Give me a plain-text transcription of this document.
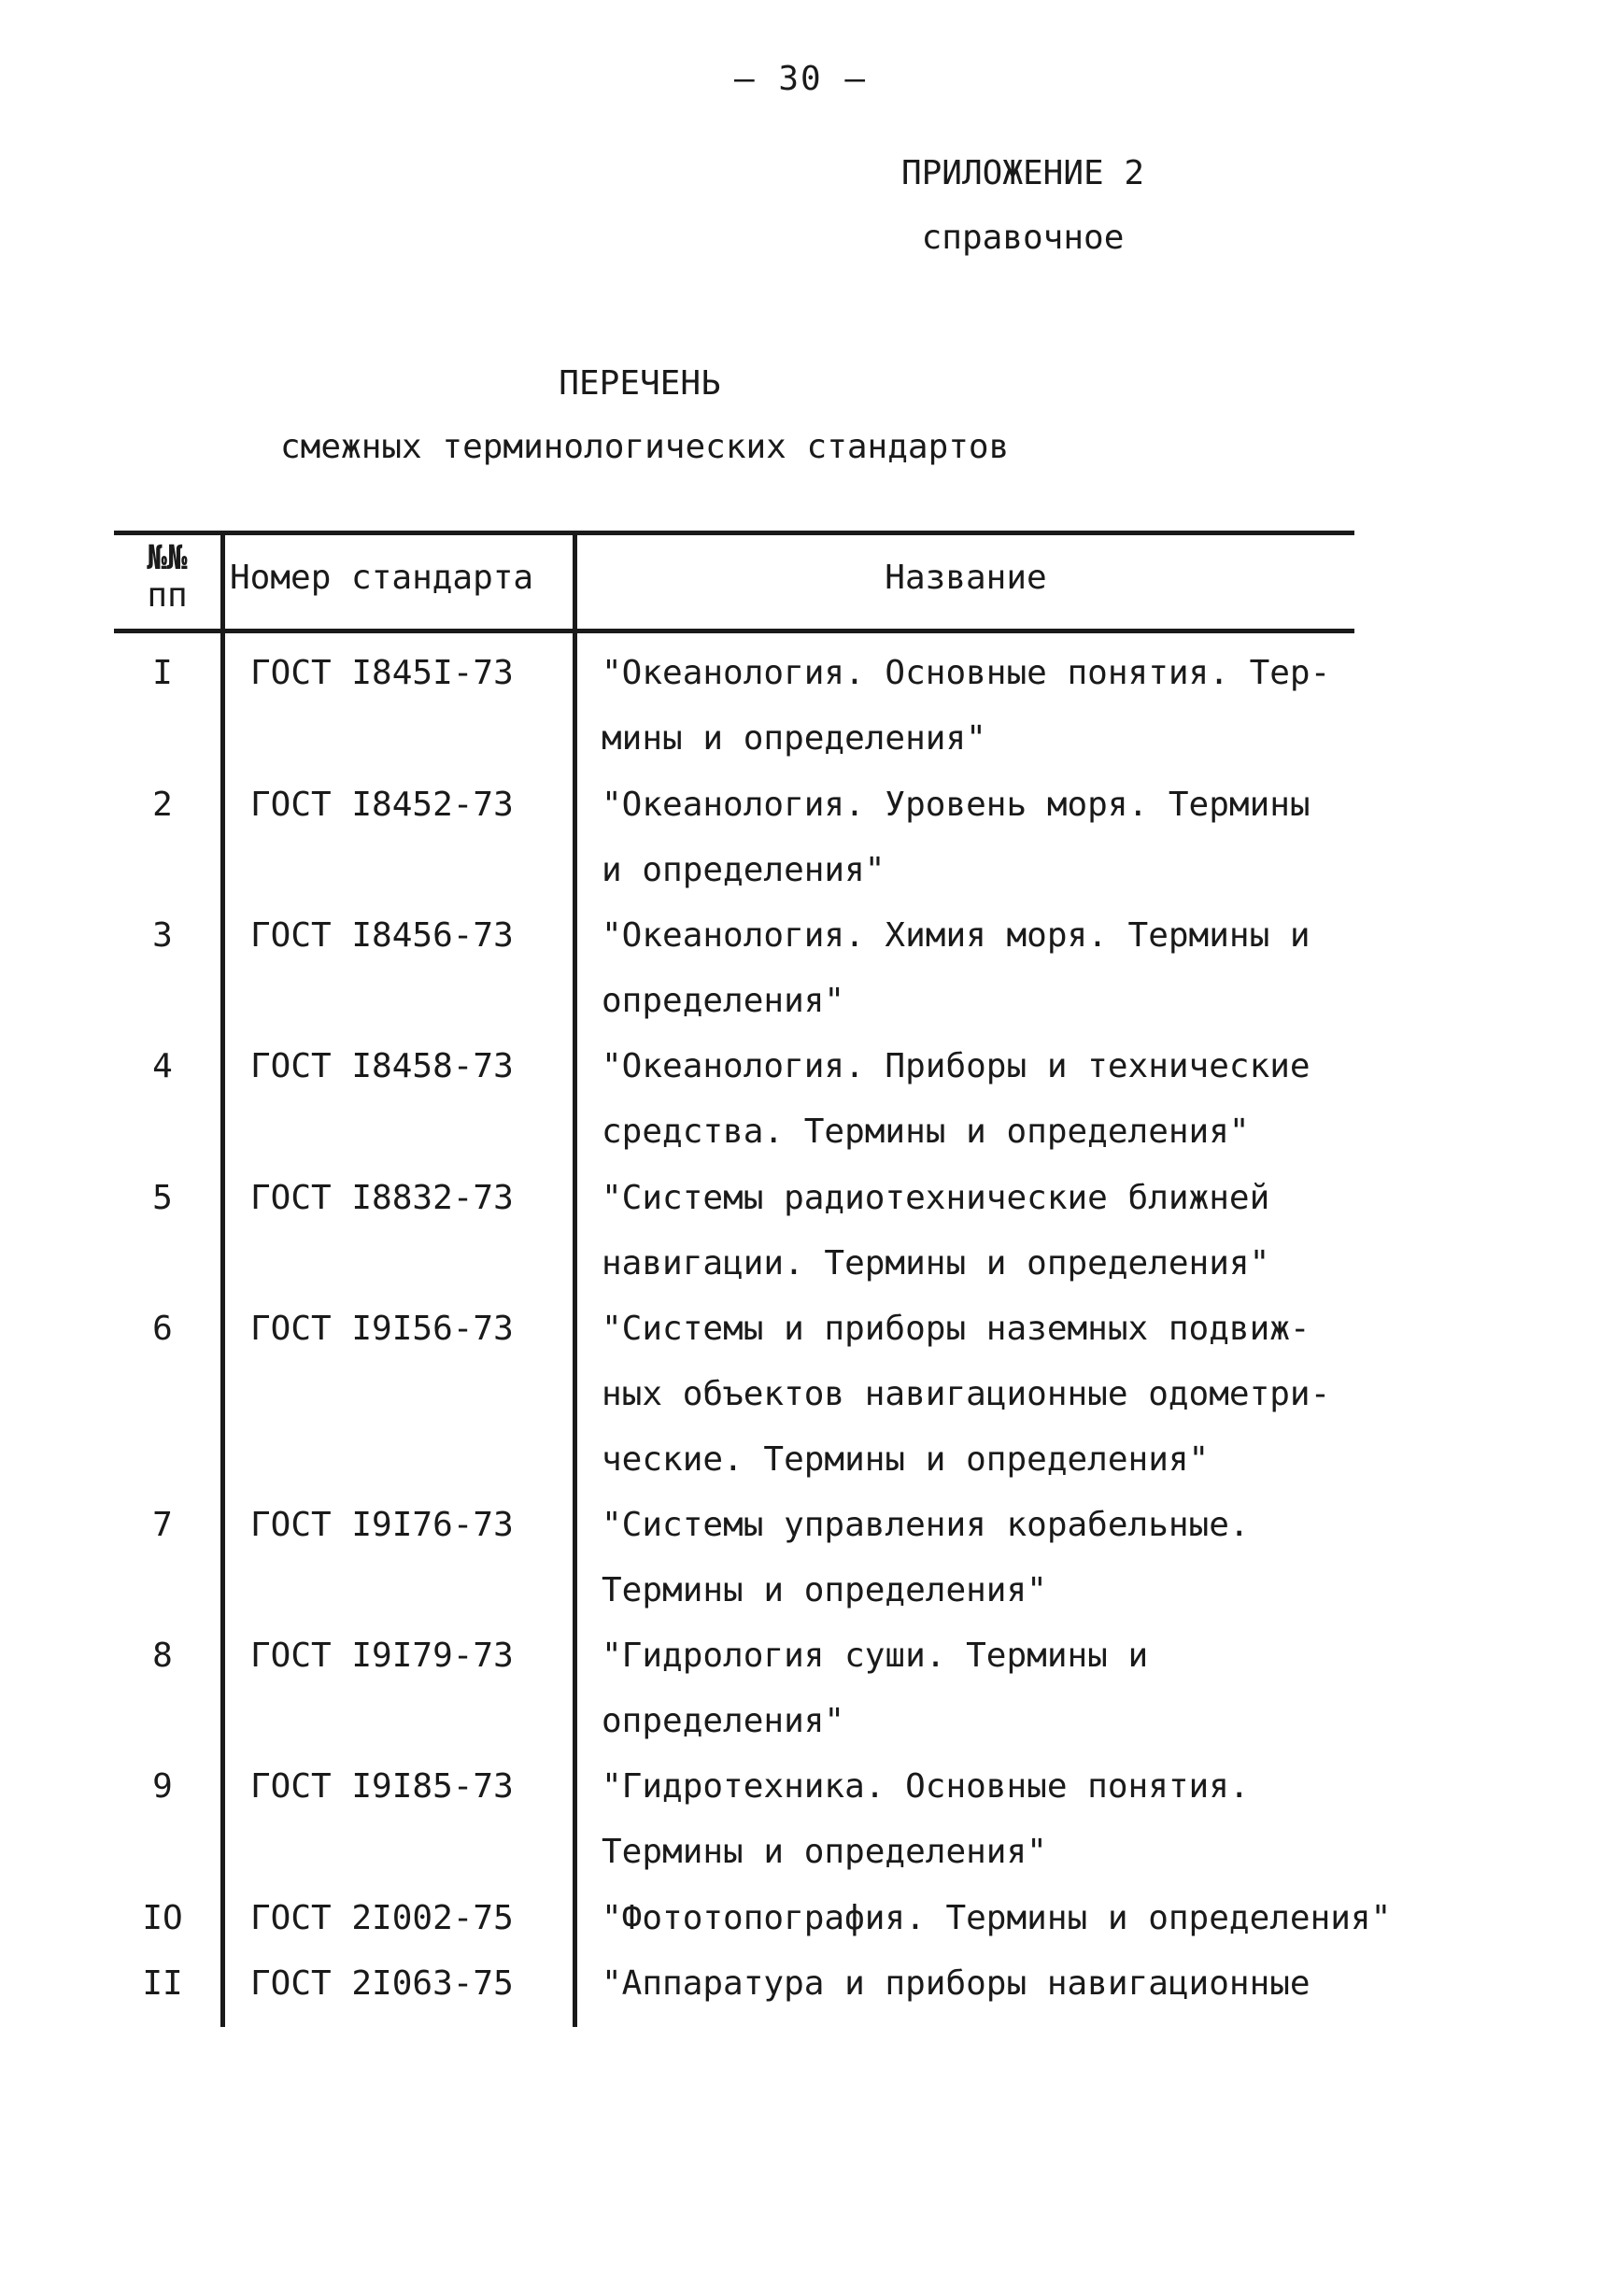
– 30 –
ПРИЛОЖЕНИЕ 2
справочное
ПЕРЕЧЕНЬ
смежных терминологических стандартов
№№
пп	Номер стандарта	Название
I	ГОСТ I845I-73	"Океанология. Основные понятия. Тер-
мины и определения"
2	ГОСТ I8452-73	"Океанология. Уровень моря. Термины
и определения"
3	ГОСТ I8456-73	"Океанология. Химия моря. Термины и
определения"
4	ГОСТ I8458-73	"Океанология. Приборы и технические
средства. Термины и определения"
5	ГОСТ I8832-73	"Системы радиотехнические ближней
навигации. Термины и определения"
6	ГОСТ I9I56-73	"Системы и приборы наземных подвиж-
ных объектов навигационные одометри-
ческие. Термины и определения"
7	ГОСТ I9I76-73	"Системы управления корабельные.
Термины и определения"
8	ГОСТ I9I79-73	"Гидрология суши. Термины и
определения"
9	ГОСТ I9I85-73	"Гидротехника. Основные понятия.
Термины и определения"
IO	ГОСТ 2I002-75	"Фототопография. Термины и определения"
II	ГОСТ 2I063-75	"Аппаратура и приборы навигационные
